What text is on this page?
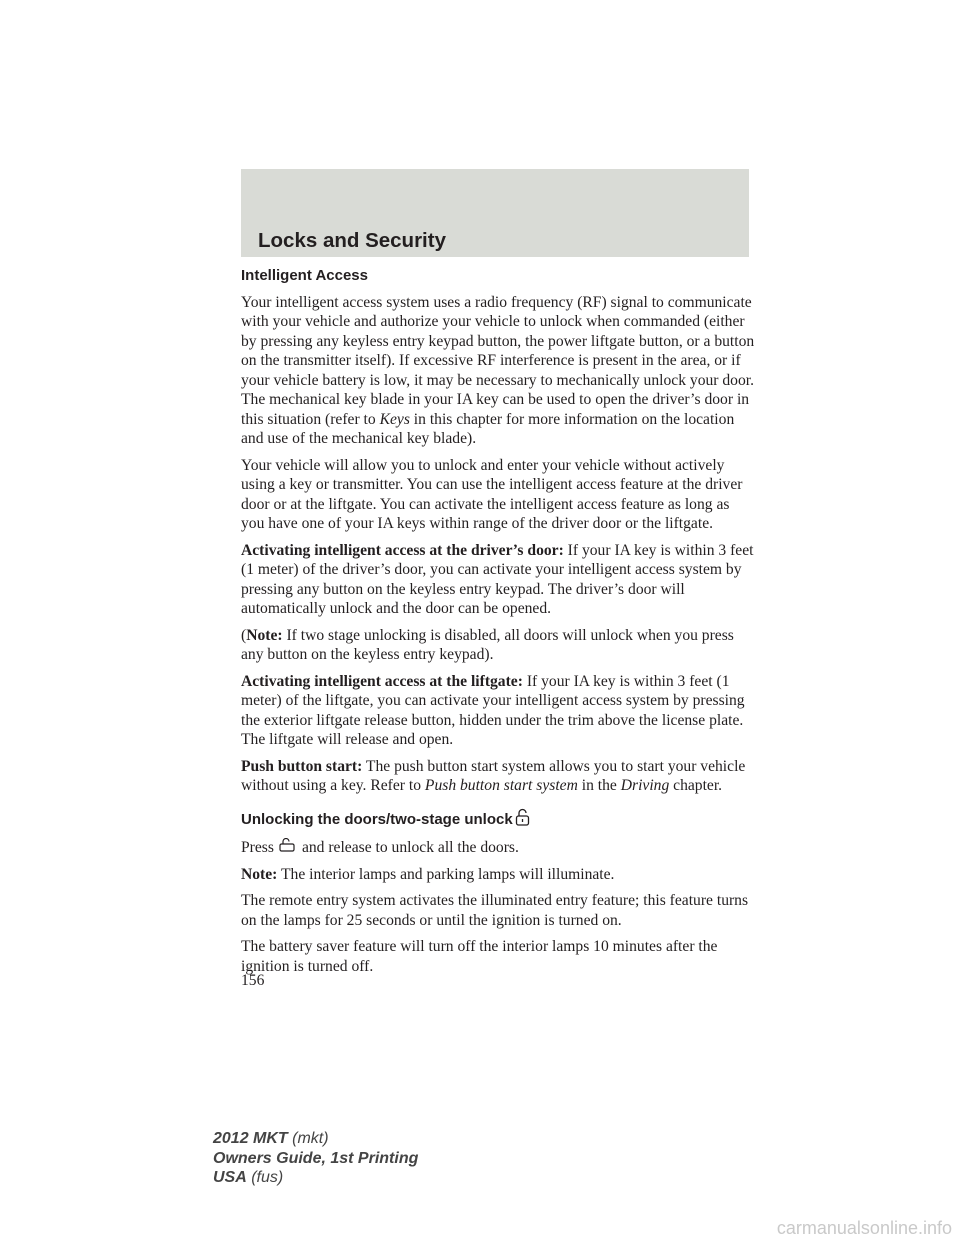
Locks and Security

Intelligent Access

Your intelligent access system uses a radio frequency (RF) signal to communicate with your vehicle and authorize your vehicle to unlock when commanded (either by pressing any keyless entry keypad button, the power liftgate button, or a button on the transmitter itself). If excessive RF interference is present in the area, or if your vehicle battery is low, it may be necessary to mechanically unlock your door. The mechanical key blade in your IA key can be used to open the driver’s door in this situation (refer to Keys in this chapter for more information on the location and use of the mechanical key blade).

Your vehicle will allow you to unlock and enter your vehicle without actively using a key or transmitter. You can use the intelligent access feature at the driver door or at the liftgate. You can activate the intelligent access feature as long as you have one of your IA keys within range of the driver door or the liftgate.

Activating intelligent access at the driver’s door: If your IA key is within 3 feet (1 meter) of the driver’s door, you can activate your intelligent access system by pressing any button on the keyless entry keypad. The driver’s door will automatically unlock and the door can be opened.

(Note: If two stage unlocking is disabled, all doors will unlock when you press any button on the keyless entry keypad).

Activating intelligent access at the liftgate: If your IA key is within 3 feet (1 meter) of the liftgate, you can activate your intelligent access system by pressing the exterior liftgate release button, hidden under the trim above the license plate. The liftgate will release and open.

Push button start: The push button start system allows you to start your vehicle without using a key. Refer to Push button start system in the Driving chapter.

Unlocking the doors/two-stage unlock

Press and release to unlock all the doors.

Note: The interior lamps and parking lamps will illuminate.

The remote entry system activates the illuminated entry feature; this feature turns on the lamps for 25 seconds or until the ignition is turned on.

The battery saver feature will turn off the interior lamps 10 minutes after the ignition is turned off.

156
2012 MKT (mkt)
Owners Guide, 1st Printing
USA (fus)
carmanualsonline.info
